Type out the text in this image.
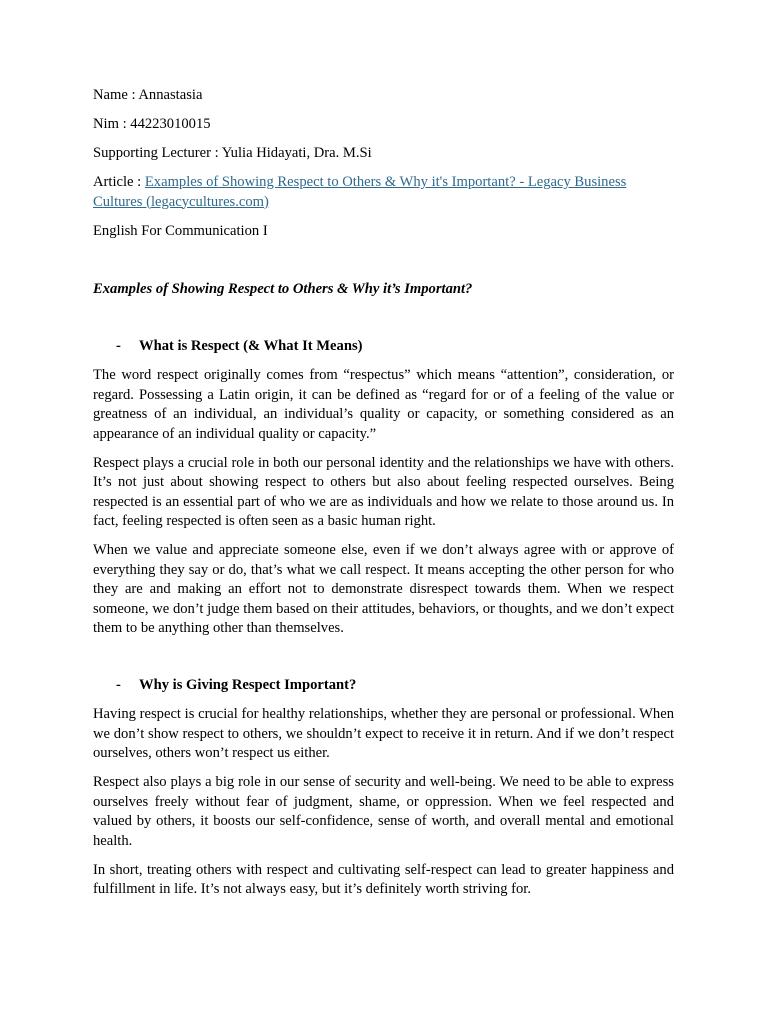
Name : Annastasia

Nim : 44223010015

Supporting Lecturer : Yulia Hidayati, Dra. M.Si

Article : Examples of Showing Respect to Others & Why it's Important? - Legacy Business Cultures (legacycultures.com)

English For Communication I

Examples of Showing Respect to Others & Why it’s Important?

- What is Respect (& What It Means)

The word respect originally comes from “respectus” which means “attention”, consideration, or regard. Possessing a Latin origin, it can be defined as “regard for or of a feeling of the value or greatness of an individual, an individual’s quality or capacity, or something considered as an appearance of an individual quality or capacity.”

Respect plays a crucial role in both our personal identity and the relationships we have with others. It’s not just about showing respect to others but also about feeling respected ourselves. Being respected is an essential part of who we are as individuals and how we relate to those around us. In fact, feeling respected is often seen as a basic human right.

When we value and appreciate someone else, even if we don’t always agree with or approve of everything they say or do, that’s what we call respect. It means accepting the other person for who they are and making an effort not to demonstrate disrespect towards them. When we respect someone, we don’t judge them based on their attitudes, behaviors, or thoughts, and we don’t expect them to be anything other than themselves.

- Why is Giving Respect Important?

Having respect is crucial for healthy relationships, whether they are personal or professional. When we don’t show respect to others, we shouldn’t expect to receive it in return. And if we don’t respect ourselves, others won’t respect us either.

Respect also plays a big role in our sense of security and well-being. We need to be able to express ourselves freely without fear of judgment, shame, or oppression. When we feel respected and valued by others, it boosts our self-confidence, sense of worth, and overall mental and emotional health.

In short, treating others with respect and cultivating self-respect can lead to greater happiness and fulfillment in life. It’s not always easy, but it’s definitely worth striving for.
